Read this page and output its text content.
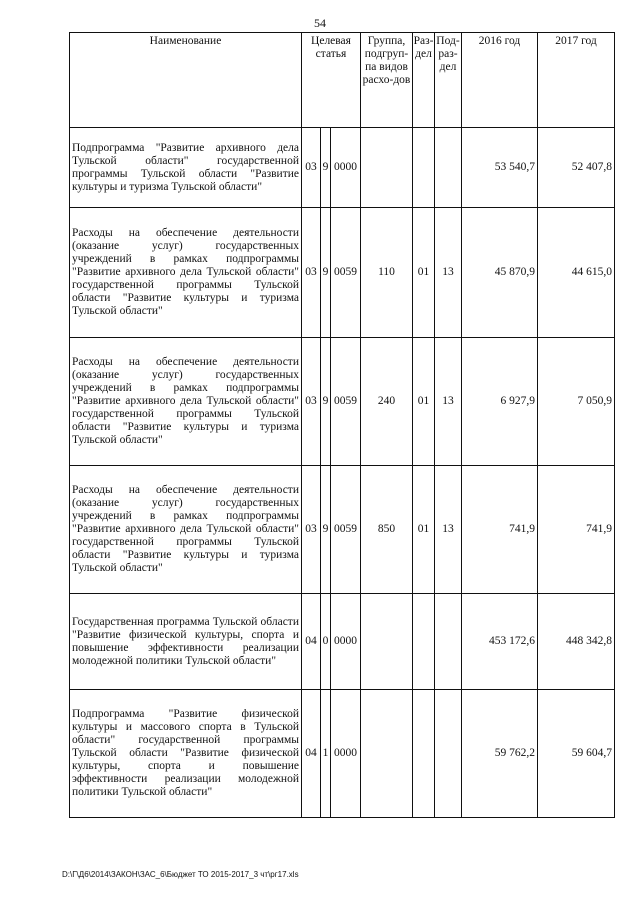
54
Наименование	Целевая статья			Группа, подгруп-па видов расхо-дов	Раз-дел	Под-раз-дел	2016 год	2017 год
Подпрограмма "Развитие архивного дела Тульской области" государственной программы Тульской области "Развитие культуры и туризма Тульской области"	03	9	0000				53 540,7	52 407,8
Расходы на обеспечение деятельности (оказание услуг) государственных учреждений в рамках подпрограммы "Развитие архивного дела Тульской области" государственной программы Тульской области "Развитие культуры и туризма Тульской области"	03	9	0059	110	01	13	45 870,9	44 615,0
Расходы на обеспечение деятельности (оказание услуг) государственных учреждений в рамках подпрограммы "Развитие архивного дела Тульской области" государственной программы Тульской области "Развитие культуры и туризма Тульской области"	03	9	0059	240	01	13	6 927,9	7 050,9
Расходы на обеспечение деятельности (оказание услуг) государственных учреждений в рамках подпрограммы "Развитие архивного дела Тульской области" государственной программы Тульской области "Развитие культуры и туризма Тульской области"	03	9	0059	850	01	13	741,9	741,9
Государственная программа Тульской области "Развитие физической культуры, спорта и повышение эффективности реализации молодежной политики Тульской области"	04	0	0000				453 172,6	448 342,8
Подпрограмма "Развитие физической культуры и массового спорта в Тульской области" государственной программы Тульской области "Развитие физической культуры, спорта и повышение эффективности реализации молодежной политики Тульской области"	04	1	0000				59 762,2	59 604,7
D:\Г\Д6\2014\ЗАКОН\ЗАС_6\Бюджет ТО 2015-2017_3 чт\рг17.xls
